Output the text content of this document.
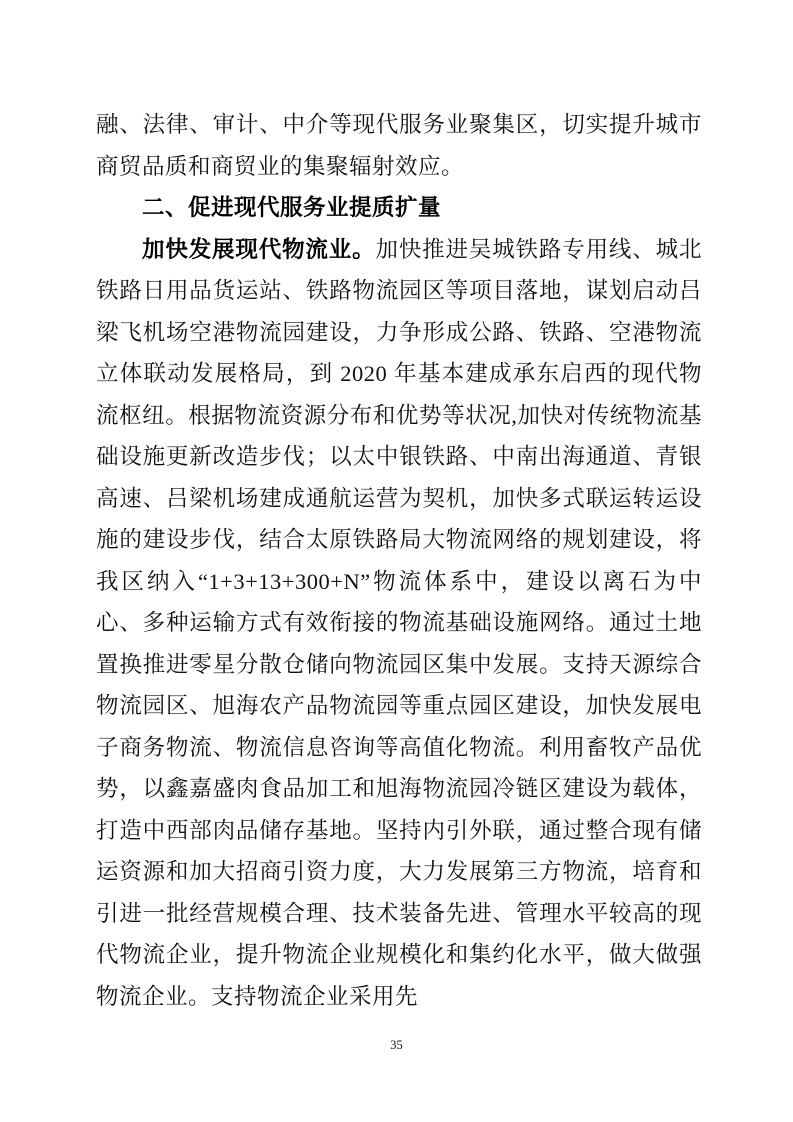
融、法律、审计、中介等现代服务业聚集区，切实提升城市商贸品质和商贸业的集聚辐射效应。

二、促进现代服务业提质扩量

加快发展现代物流业。加快推进吴城铁路专用线、城北铁路日用品货运站、铁路物流园区等项目落地，谋划启动吕梁飞机场空港物流园建设，力争形成公路、铁路、空港物流立体联动发展格局，到 2020 年基本建成承东启西的现代物流枢纽。根据物流资源分布和优势等状况,加快对传统物流基础设施更新改造步伐；以太中银铁路、中南出海通道、青银高速、吕梁机场建成通航运营为契机，加快多式联运转运设施的建设步伐，结合太原铁路局大物流网络的规划建设，将我区纳入“1+3+13+300+N”物流体系中，建设以离石为中心、多种运输方式有效衔接的物流基础设施网络。通过土地置换推进零星分散仓储向物流园区集中发展。支持天源综合物流园区、旭海农产品物流园等重点园区建设，加快发展电子商务物流、物流信息咨询等高值化物流。利用畜牧产品优势，以鑫嘉盛肉食品加工和旭海物流园冷链区建设为载体，打造中西部肉品储存基地。坚持内引外联，通过整合现有储运资源和加大招商引资力度，大力发展第三方物流，培育和引进一批经营规模合理、技术装备先进、管理水平较高的现代物流企业，提升物流企业规模化和集约化水平，做大做强物流企业。支持物流企业采用先

35
